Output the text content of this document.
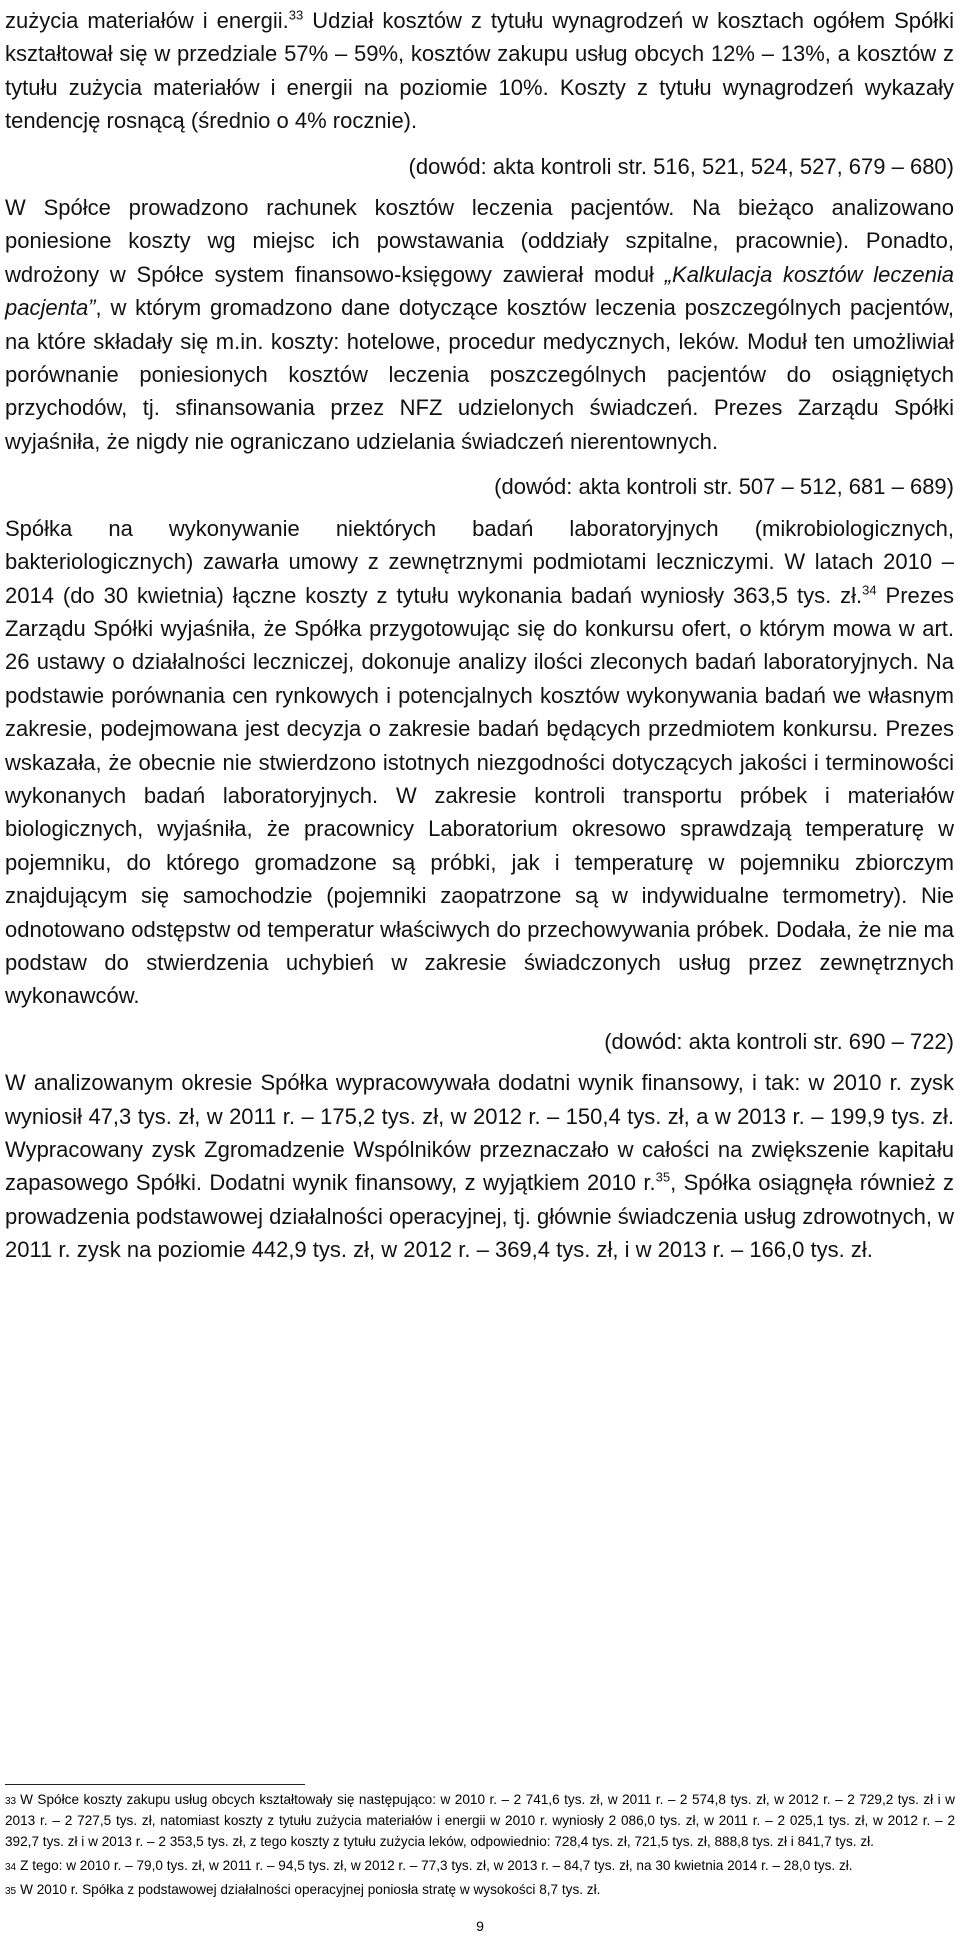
zużycia materiałów i energii.$^{33}$ Udział kosztów z tytułu wynagrodzeń w kosztach ogółem Spółki kształtował się w przedziale 57% – 59%, kosztów zakupu usług obcych 12% – 13%, a kosztów z tytułu zużycia materiałów i energii na poziomie 10%. Koszty z tytułu wynagrodzeń wykazały tendencję rosnącą (średnio o 4% rocznie).

(dowód: akta kontroli str. 516, 521, 524, 527, 679 – 680)

W Spółce prowadzono rachunek kosztów leczenia pacjentów. Na bieżąco analizowano poniesione koszty wg miejsc ich powstawania (oddziały szpitalne, pracownie). Ponadto, wdrożony w Spółce system finansowo-księgowy zawierał moduł „Kalkulacja kosztów leczenia pacjenta”, w którym gromadzono dane dotyczące kosztów leczenia poszczególnych pacjentów, na które składały się m.in. koszty: hotelowe, procedur medycznych, leków. Moduł ten umożliwiał porównanie poniesionych kosztów leczenia poszczególnych pacjentów do osiągniętych przychodów, tj. sfinansowania przez NFZ udzielonych świadczeń. Prezes Zarządu Spółki wyjaśniła, że nigdy nie ograniczano udzielania świadczeń nierentownych.

(dowód: akta kontroli str. 507 – 512, 681 – 689)

Spółka na wykonywanie niektórych badań laboratoryjnych (mikrobiologicznych, bakteriologicznych) zawarła umowy z zewnętrznymi podmiotami leczniczymi. W latach 2010 – 2014 (do 30 kwietnia) łączne koszty z tytułu wykonania badań wyniosły 363,5 tys. zł.$^{34}$ Prezes Zarządu Spółki wyjaśniła, że Spółka przygotowując się do konkursu ofert, o którym mowa w art. 26 ustawy o działalności leczniczej, dokonuje analizy ilości zleconych badań laboratoryjnych. Na podstawie porównania cen rynkowych i potencjalnych kosztów wykonywania badań we własnym zakresie, podejmowana jest decyzja o zakresie badań będących przedmiotem konkursu. Prezes wskazała, że obecnie nie stwierdzono istotnych niezgodności dotyczących jakości i terminowości wykonanych badań laboratoryjnych. W zakresie kontroli transportu próbek i materiałów biologicznych, wyjaśniła, że pracownicy Laboratorium okresowo sprawdzają temperaturę w pojemniku, do którego gromadzone są próbki, jak i temperaturę w pojemniku zbiorczym znajdującym się samochodzie (pojemniki zaopatrzone są w indywidualne termometry). Nie odnotowano odstępstw od temperatur właściwych do przechowywania próbek. Dodała, że nie ma podstaw do stwierdzenia uchybień w zakresie świadczonych usług przez zewnętrznych wykonawców.

(dowód: akta kontroli str. 690 – 722)

W analizowanym okresie Spółka wypracowywała dodatni wynik finansowy, i tak: w 2010 r. zysk wyniosił 47,3 tys. zł, w 2011 r. – 175,2 tys. zł, w 2012 r. – 150,4 tys. zł, a w 2013 r. – 199,9 tys. zł. Wypracowany zysk Zgromadzenie Wspólników przeznaczało w całości na zwiększenie kapitału zapasowego Spółki. Dodatni wynik finansowy, z wyjątkiem 2010 r.$^{35}$, Spółka osiągnęła również z prowadzenia podstawowej działalności operacyjnej, tj. głównie świadczenia usług zdrowotnych, w 2011 r. zysk na poziomie 442,9 tys. zł, w 2012 r. – 369,4 tys. zł, i w 2013 r. – 166,0 tys. zł.

33 W Spółce koszty zakupu usług obcych kształtowały się następująco: w 2010 r. – 2 741,6 tys. zł, w 2011 r. – 2 574,8 tys. zł, w 2012 r. – 2 729,2 tys. zł i w 2013 r. – 2 727,5 tys. zł, natomiast koszty z tytułu zużycia materiałów i energii w 2010 r. wyniosły 2 086,0 tys. zł, w 2011 r. – 2 025,1 tys. zł, w 2012 r. – 2 392,7 tys. zł i w 2013 r. – 2 353,5 tys. zł, z tego koszty z tytułu zużycia leków, odpowiednio: 728,4 tys. zł, 721,5 tys. zł, 888,8 tys. zł i 841,7 tys. zł.

34 Z tego: w 2010 r. – 79,0 tys. zł, w 2011 r. – 94,5 tys. zł, w 2012 r. – 77,3 tys. zł, w 2013 r. – 84,7 tys. zł, na 30 kwietnia 2014 r. – 28,0 tys. zł.

35 W 2010 r. Spółka z podstawowej działalności operacyjnej poniosła stratę w wysokości 8,7 tys. zł.

9
